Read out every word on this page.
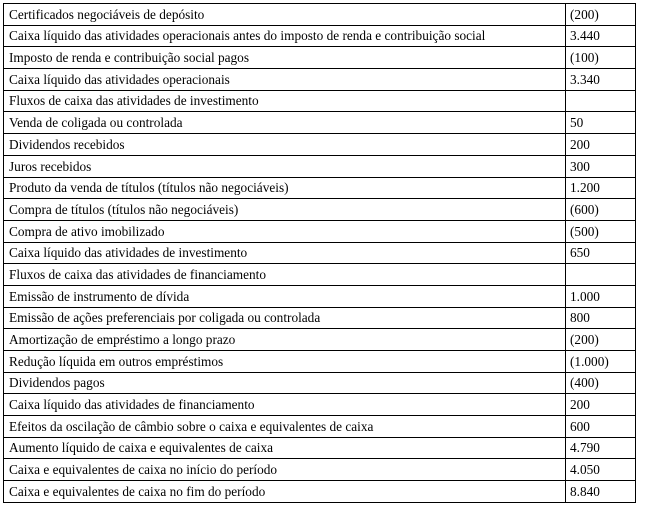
Certificados negociáveis de depósito	(200)
Caixa líquido das atividades operacionais antes do imposto de renda e contribuição social	3.440
Imposto de renda e contribuição social pagos	(100)
Caixa líquido das atividades operacionais	3.340
Fluxos de caixa das atividades de investimento	
Venda de coligada ou controlada	50
Dividendos recebidos	200
Juros recebidos	300
Produto da venda de títulos (títulos não negociáveis)	1.200
Compra de títulos (títulos não negociáveis)	(600)
Compra de ativo imobilizado	(500)
Caixa líquido das atividades de investimento	650
Fluxos de caixa das atividades de financiamento	
Emissão de instrumento de dívida	1.000
Emissão de ações preferenciais por coligada ou controlada	800
Amortização de empréstimo a longo prazo	(200)
Redução líquida em outros empréstimos	(1.000)
Dividendos pagos	(400)
Caixa líquido das atividades de financiamento	200
Efeitos da oscilação de câmbio sobre o caixa e equivalentes de caixa	600
Aumento líquido de caixa e equivalentes de caixa	4.790
Caixa e equivalentes de caixa no início do período	4.050
Caixa e equivalentes de caixa no fim do período	8.840
